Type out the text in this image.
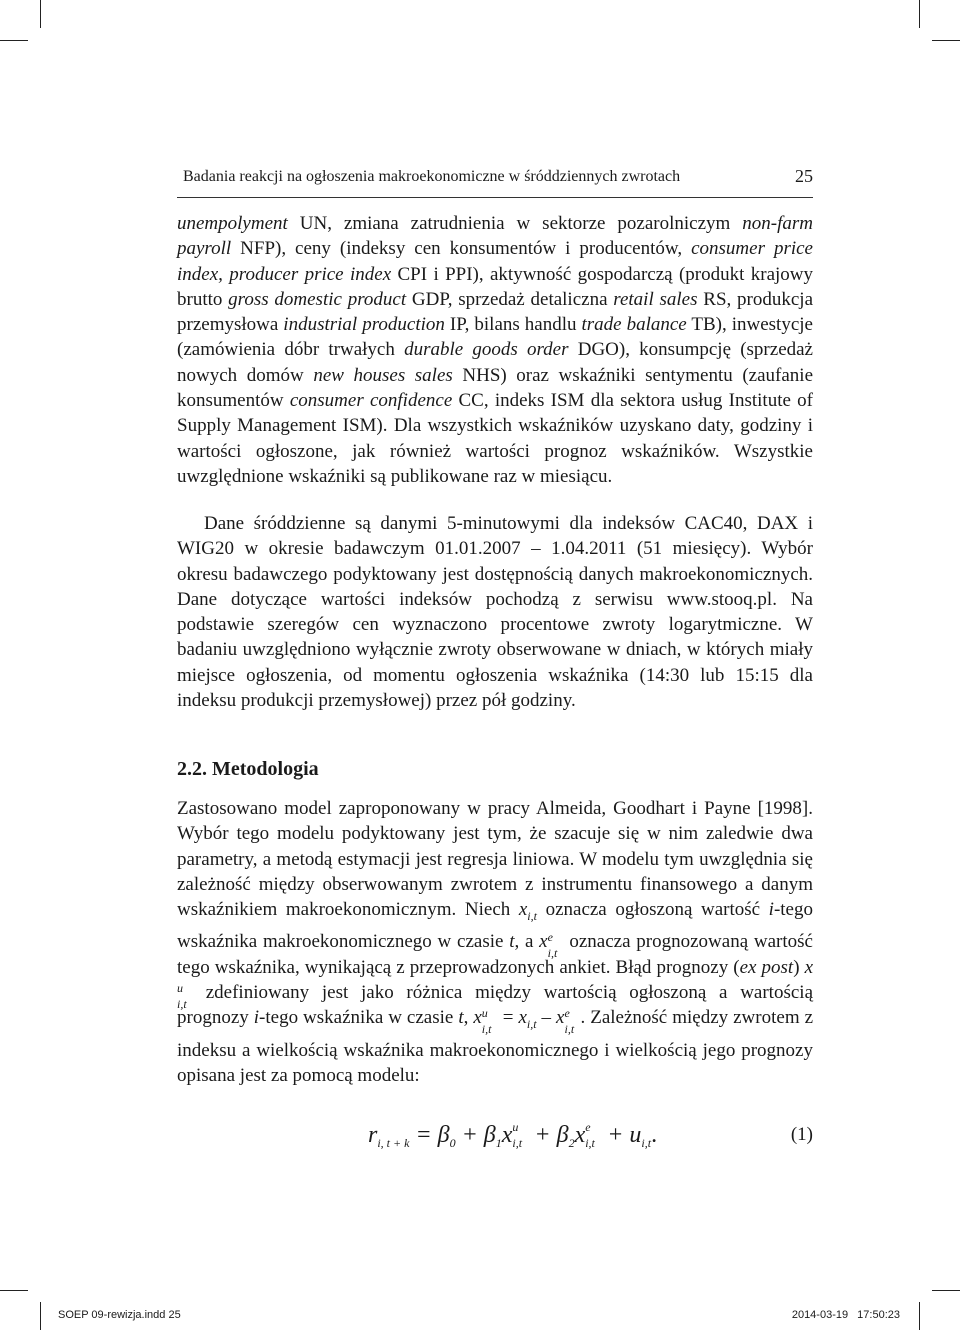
Badania reakcji na ogłoszenia makroekonomiczne w śróddziennych zwrotach	25

unempolyment UN, zmiana zatrudnienia w sektorze pozarolniczym non-farm payroll NFP), ceny (indeksy cen konsumentów i producentów, consumer price index, producer price index CPI i PPI), aktywność gospodarczą (produkt krajowy brutto gross domestic product GDP, sprzedaż detaliczna retail sales RS, produkcja przemysłowa industrial production IP, bilans handlu trade balance TB), inwestycje (zamówienia dóbr trwałych durable goods order DGO), konsumpcję (sprzedaż nowych domów new houses sales NHS) oraz wskaźniki sentymentu (zaufanie konsumentów consumer confidence CC, indeks ISM dla sektora usług Institute of Supply Management ISM). Dla wszystkich wskaźników uzyskano daty, godziny i wartości ogłoszone, jak również wartości prognoz wskaźników. Wszystkie uwzględnione wskaźniki są publikowane raz w miesiącu.

Dane śróddzienne są danymi 5-minutowymi dla indeksów CAC40, DAX i WIG20 w okresie badawczym 01.01.2007 – 1.04.2011 (51 miesięcy). Wybór okresu badawczego podyktowany jest dostępnością danych makroekonomicznych. Dane dotyczące wartości indeksów pochodzą z serwisu www.stooq.pl. Na podstawie szeregów cen wyznaczono procentowe zwroty logarytmiczne. W badaniu uwzględniono wyłącznie zwroty obserwowane w dniach, w których miały miejsce ogłoszenia, od momentu ogłoszenia wskaźnika (14:30 lub 15:15 dla indeksu produkcji przemysłowej) przez pół godziny.

2.2. Metodologia

Zastosowano model zaproponowany w pracy Almeida, Goodhart i Payne [1998]. Wybór tego modelu podyktowany jest tym, że szacuje się w nim zaledwie dwa parametry, a metodą estymacji jest regresja liniowa. W modelu tym uwzględnia się zależność między obserwowanym zwrotem z instrumentu finansowego a danym wskaźnikiem makroekonomicznym. Niech $x_{i,t}$ oznacza ogłoszoną wartość i-tego wskaźnika makroekonomicznego w czasie t, a x e
i,t
oznacza prognozowaną wartość tego wskaźnika, wynikającą z przeprowadzonych ankiet. Błąd prognozy (ex post) x
u
i,t
zdefiniowany jest jako różnica między wartością ogłoszoną a wartością prognozy i-tego wskaźnika w czasie t, x u
i,t
= $x_{i,t}$ – x e
i,t
. Zależność między zwrotem z indeksu a wielkością wskaźnika makroekonomicznego i wielkością jego prognozy opisana jest za pomocą modelu:

$r_{i, t + k} = \beta_0 + \beta_1x$ u
$i,t + \beta_2x$ e
$i,t + u_{i,t}$.	(1)
SOEP 09-rewizja.indd 25	2014-03-19 17:50:23
